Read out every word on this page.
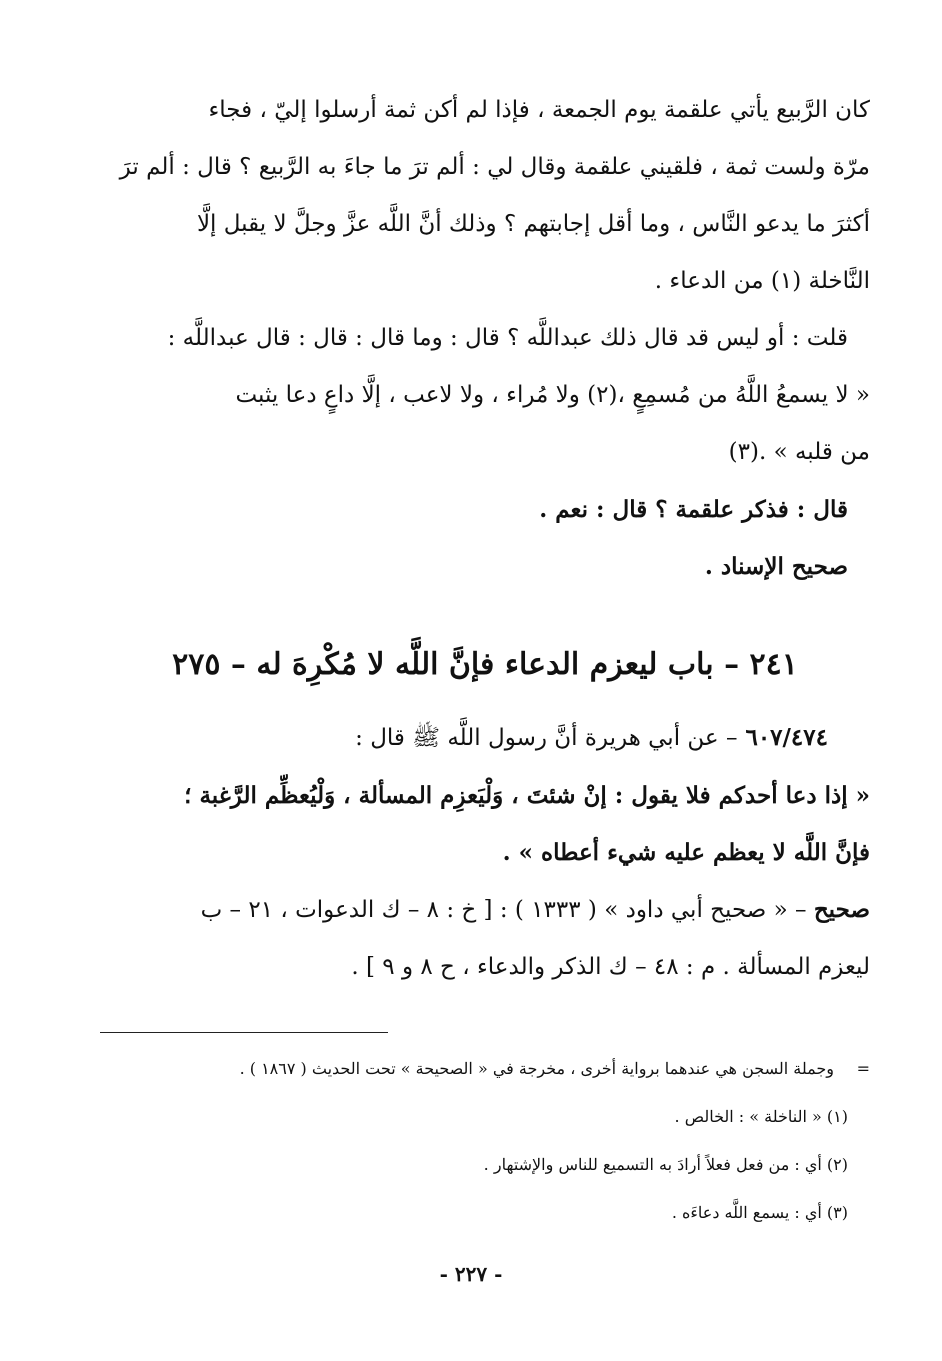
كان الرَّبيع يأتي علقمة يوم الجمعة ، فإذا لم أكن ثمة أرسلوا إليّ ، فجاء
مرّة ولست ثمة ، فلقيني علقمة وقال لي : ألم ترَ ما جاءَ به الرَّبيع ؟ قال : ألم ترَ
أكثرَ ما يدعو النَّاس ، وما أقل إجابتهم ؟ وذلك أنَّ اللَّه عزَّ وجلَّ لا يقبل إلَّا
النَّاخلة (١) من الدعاء .

قلت : أو ليس قد قال ذلك عبداللَّه ؟ قال : وما قال : قال : قال عبداللَّه :
« لا يسمعُ اللَّهُ من مُسمِعٍ ،(٢) ولا مُراء ، ولا لاعب ، إلَّا داعٍ دعا يثبت
من قلبه » .(٣)

قال : فذكر علقمة ؟ قال : نعم .

صحيح الإسناد .

٢٤١ – باب ليعزم الدعاء فإنَّ اللَّه لا مُكْرِهَ له – ٢٧٥
٦٠٧/٤٧٤ – عن أبي هريرة أنَّ رسول اللَّه ﷺ قال :

« إذا دعا أحدكم فلا يقول : إنْ شئتَ ، وَلْيَعزِم المسألة ، وَلْيُعظِّم الرَّغبة ؛
فإنَّ اللَّه لا يعظم عليه شيء أعطاه » .

صحيح – « صحيح أبي داود » ( ١٣٣٣ ) : [ خ : ٨ – ك الدعوات ، ٢١ – ب
ليعزم المسألة . م : ٤٨ – ك الذكر والدعاء ، ح ٨ و ٩ ] .

=وجملة السجن هي عندهما برواية أخرى ، مخرجة في « الصحيحة » تحت الحديث ( ١٨٦٧ ) .
(١) « الناخلة » : الخالص .
(٢) أي : من فعل فعلاً أرادَ به التسميع للناس والإشتهار .
(٣) أي : يسمع اللَّه دعاءَه .
- ٢٢٧ -
